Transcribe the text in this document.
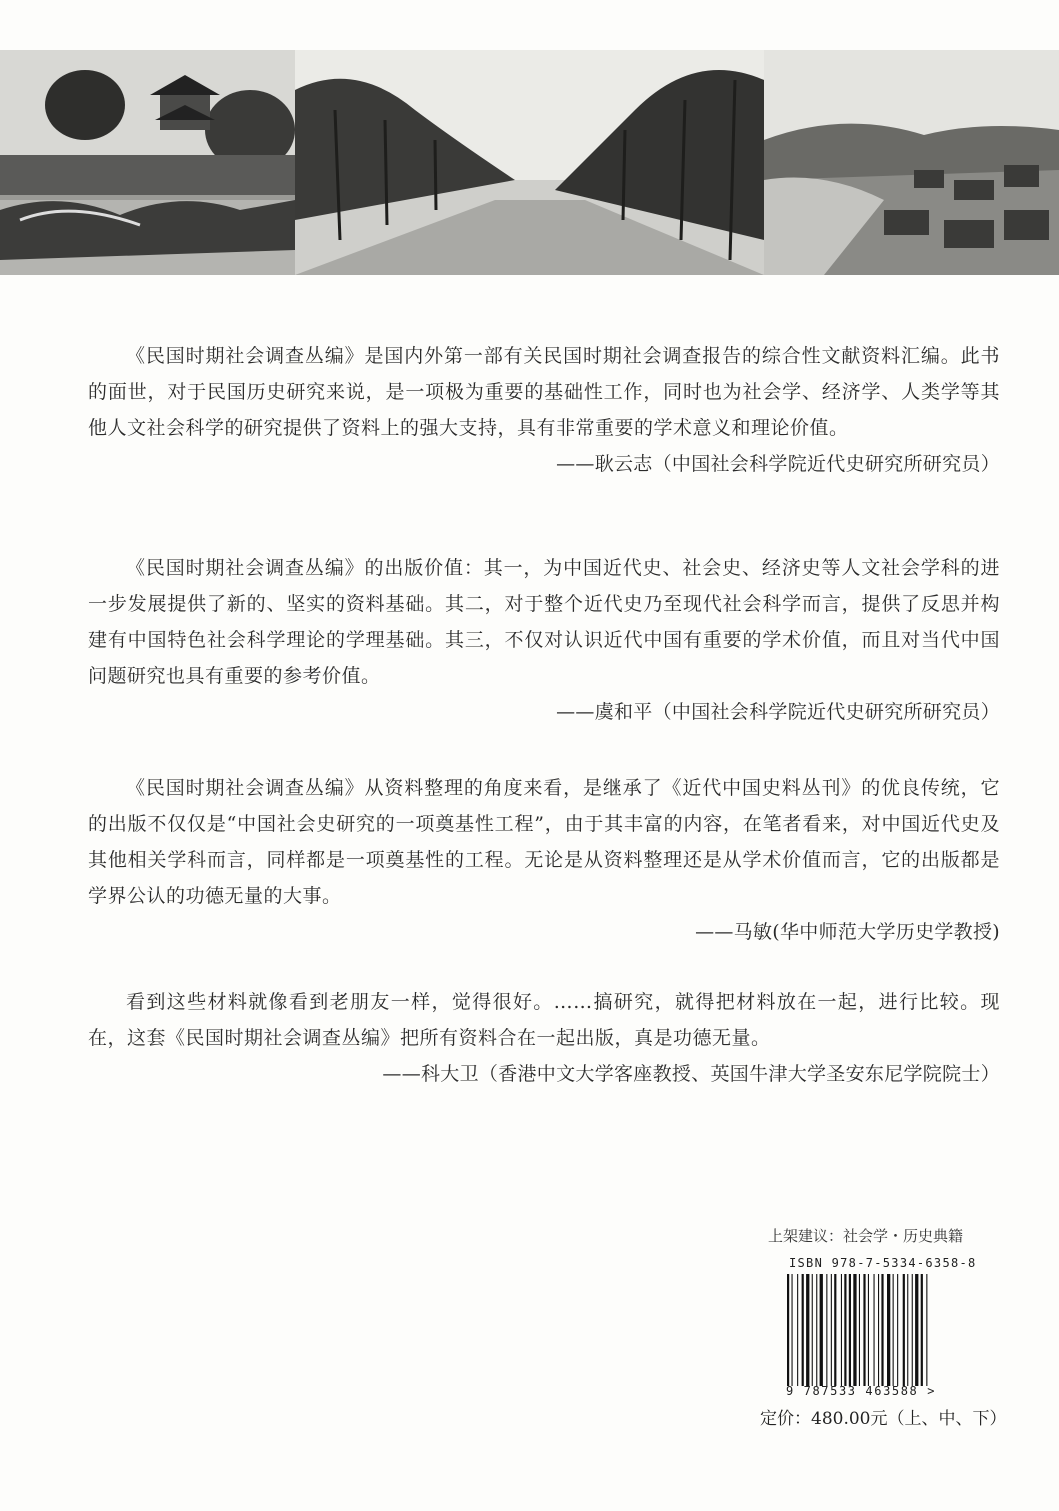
《民国时期社会调查丛编》是国内外第一部有关民国时期社会调查报告的综合性文献资料汇编。此书的面世，对于民国历史研究来说，是一项极为重要的基础性工作，同时也为社会学、经济学、人类学等其他人文社会科学的研究提供了资料上的强大支持，具有非常重要的学术意义和理论价值。

——耿云志（中国社会科学院近代史研究所研究员）

《民国时期社会调查丛编》的出版价值：其一，为中国近代史、社会史、经济史等人文社会学科的进一步发展提供了新的、坚实的资料基础。其二，对于整个近代史乃至现代社会科学而言，提供了反思并构建有中国特色社会科学理论的学理基础。其三，不仅对认识近代中国有重要的学术价值，而且对当代中国问题研究也具有重要的参考价值。

——虞和平（中国社会科学院近代史研究所研究员）

《民国时期社会调查丛编》从资料整理的角度来看，是继承了《近代中国史料丛刊》的优良传统，它的出版不仅仅是“中国社会史研究的一项奠基性工程”，由于其丰富的内容，在笔者看来，对中国近代史及其他相关学科而言，同样都是一项奠基性的工程。无论是从资料整理还是从学术价值而言，它的出版都是学界公认的功德无量的大事。

——马敏(华中师范大学历史学教授)

看到这些材料就像看到老朋友一样，觉得很好。……搞研究，就得把材料放在一起，进行比较。现在，这套《民国时期社会调查丛编》把所有资料合在一起出版，真是功德无量。

——科大卫（香港中文大学客座教授、英国牛津大学圣安东尼学院院士）
上架建议：社会学・历史典籍
ISBN 978-7-5334-6358-8
9 787533 463588 >
定价：480.00元（上、中、下）
